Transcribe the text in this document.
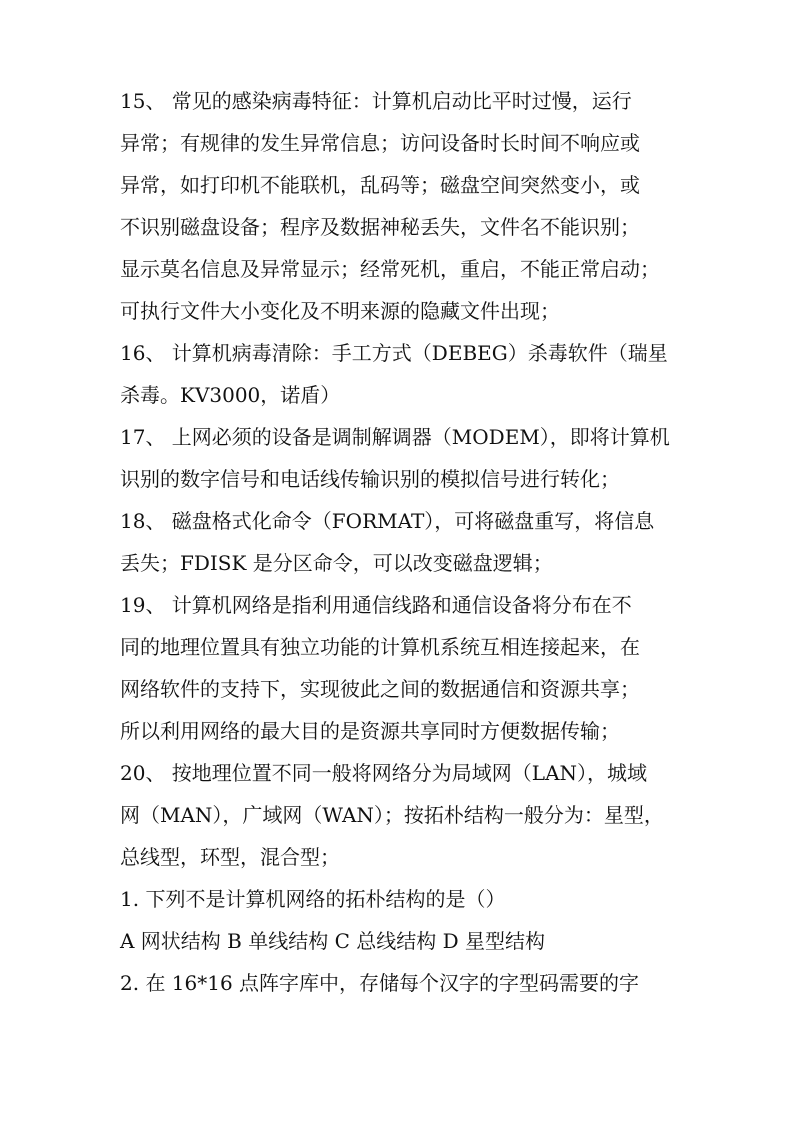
15、 常见的感染病毒特征：计算机启动比平时过慢，运行
异常；有规律的发生异常信息；访问设备时长时间不响应或
异常，如打印机不能联机，乱码等；磁盘空间突然变小，或
不识别磁盘设备；程序及数据神秘丢失，文件名不能识别；
显示莫名信息及异常显示；经常死机，重启，不能正常启动；
可执行文件大小变化及不明来源的隐藏文件出现；
16、 计算机病毒清除：手工方式（DEBEG）杀毒软件（瑞星
杀毒。KV3000，诺盾）
17、 上网必须的设备是调制解调器（MODEM），即将计算机
识别的数字信号和电话线传输识别的模拟信号进行转化；
18、 磁盘格式化命令（FORMAT），可将磁盘重写，将信息
丢失；FDISK 是分区命令，可以改变磁盘逻辑；
19、 计算机网络是指利用通信线路和通信设备将分布在不
同的地理位置具有独立功能的计算机系统互相连接起来，在
网络软件的支持下，实现彼此之间的数据通信和资源共享；
所以利用网络的最大目的是资源共享同时方便数据传输；
20、 按地理位置不同一般将网络分为局域网（LAN），城域
网（MAN），广域网（WAN）；按拓朴结构一般分为：星型，
总线型，环型，混合型；
1. 下列不是计算机网络的拓朴结构的是（）
A 网状结构 B 单线结构 C 总线结构 D 星型结构
2. 在 16*16 点阵字库中，存储每个汉字的字型码需要的字
